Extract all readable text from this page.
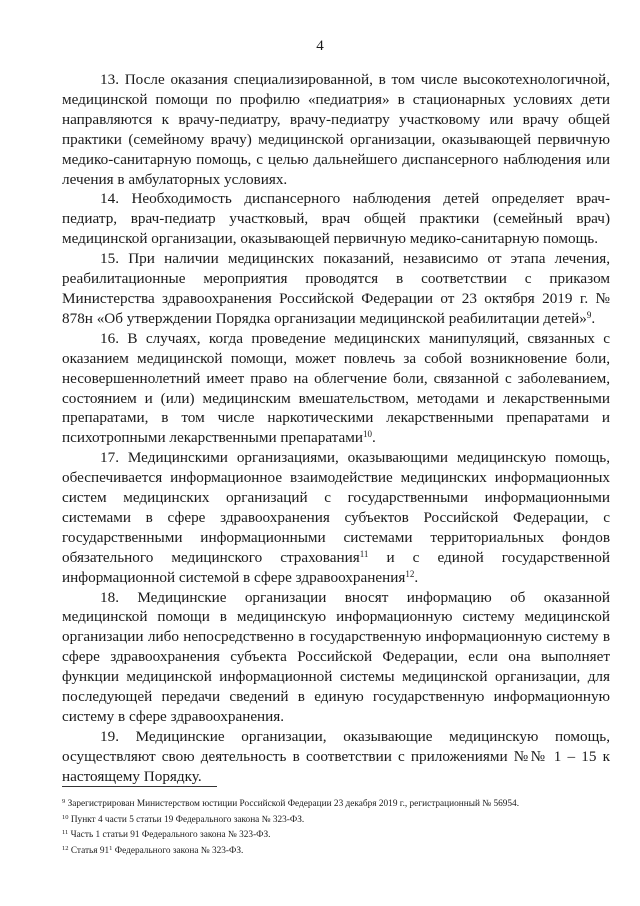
4

13. После оказания специализированной, в том числе высокотехнологичной, медицинской помощи по профилю «педиатрия» в стационарных условиях дети направляются к врачу-педиатру, врачу-педиатру участковому или врачу общей практики (семейному врачу) медицинской организации, оказывающей первичную медико-санитарную помощь, с целью дальнейшего диспансерного наблюдения или лечения в амбулаторных условиях.

14. Необходимость диспансерного наблюдения детей определяет врач-педиатр, врач-педиатр участковый, врач общей практики (семейный врач) медицинской организации, оказывающей первичную медико-санитарную помощь.

15. При наличии медицинских показаний, независимо от этапа лечения, реабилитационные мероприятия проводятся в соответствии с приказом Министерства здравоохранения Российской Федерации от 23 октября 2019 г. № 878н «Об утверждении Порядка организации медицинской реабилитации детей»$^9$.

16. В случаях, когда проведение медицинских манипуляций, связанных с оказанием медицинской помощи, может повлечь за собой возникновение боли, несовершеннолетний имеет право на облегчение боли, связанной с заболеванием, состоянием и (или) медицинским вмешательством, методами и лекарственными препаратами, в том числе наркотическими лекарственными препаратами и психотропными лекарственными препаратами$^{10}$.

17. Медицинскими организациями, оказывающими медицинскую помощь, обеспечивается информационное взаимодействие медицинских информационных систем медицинских организаций с государственными информационными системами в сфере здравоохранения субъектов Российской Федерации, с государственными информационными системами территориальных фондов обязательного медицинского страхования$^{11}$ и с единой государственной информационной системой в сфере здравоохранения$^{12}$.

18. Медицинские организации вносят информацию об оказанной медицинской помощи в медицинскую информационную систему медицинской организации либо непосредственно в государственную информационную систему в сфере здравоохранения субъекта Российской Федерации, если она выполняет функции медицинской информационной системы медицинской организации, для последующей передачи сведений в единую государственную информационную систему в сфере здравоохранения.

19. Медицинские организации, оказывающие медицинскую помощь, осуществляют свою деятельность в соответствии с приложениями №№ 1 – 15 к настоящему Порядку.

$^9$ Зарегистрирован Министерством юстиции Российской Федерации 23 декабря 2019 г., регистрационный № 56954.

$^{10}$ Пункт 4 части 5 статьи 19 Федерального закона № 323-ФЗ.

$^{11}$ Часть 1 статьи 91 Федерального закона № 323-ФЗ.

$^{12}$ Статья $91^1$ Федерального закона № 323-ФЗ.
